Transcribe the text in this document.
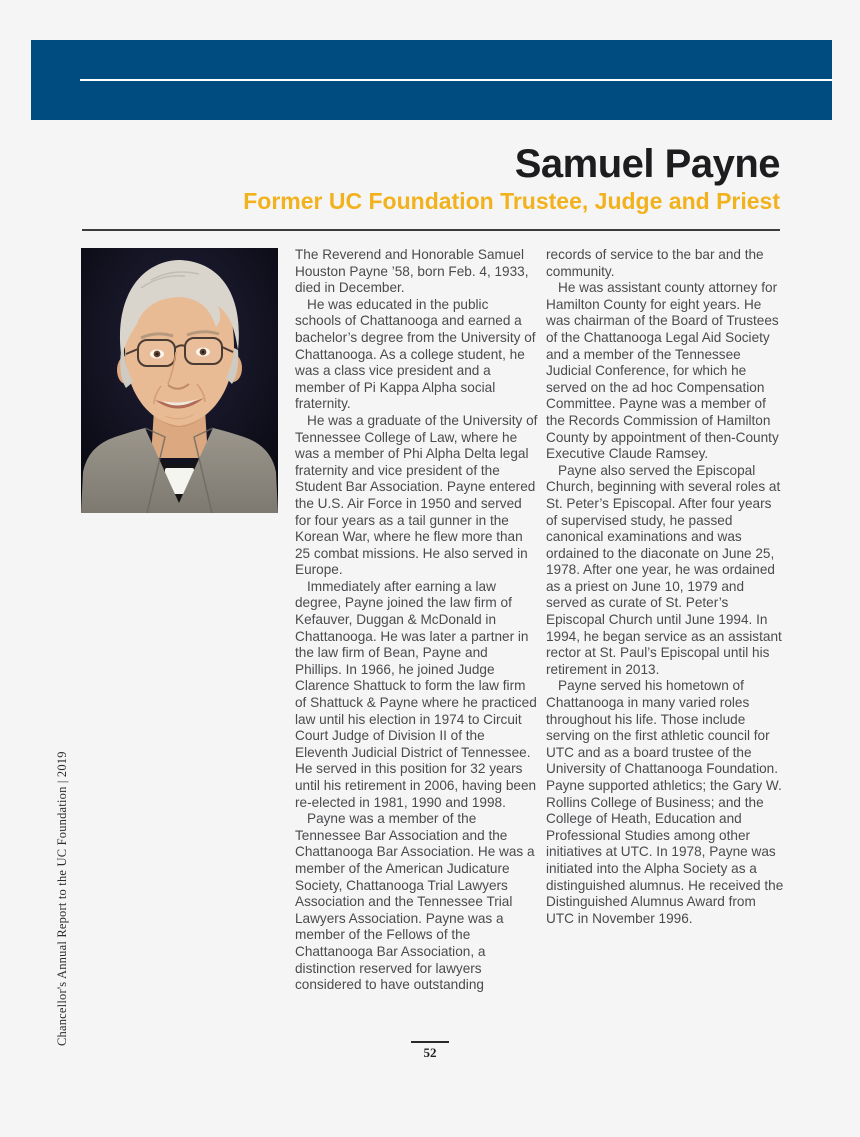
Samuel Payne
Former UC Foundation Trustee, Judge and Priest

The Reverend and Honorable Samuel Houston Payne ’58, born Feb. 4, 1933, died in December.

He was educated in the public schools of Chattanooga and earned a bachelor’s degree from the University of Chattanooga. As a college student, he was a class vice president and a member of Pi Kappa Alpha social fraternity.

He was a graduate of the University of Tennessee College of Law, where he was a member of Phi Alpha Delta legal fraternity and vice president of the Student Bar Association. Payne entered the U.S. Air Force in 1950 and served for four years as a tail gunner in the Korean War, where he flew more than 25 combat missions. He also served in Europe.

Immediately after earning a law degree, Payne joined the law firm of Kefauver, Duggan & McDonald in Chattanooga. He was later a partner in the law firm of Bean, Payne and Phillips. In 1966, he joined Judge Clarence Shattuck to form the law firm of Shattuck & Payne where he practiced law until his election in 1974 to Circuit Court Judge of Division II of the Eleventh Judicial District of Tennessee. He served in this position for 32 years until his retirement in 2006, having been re-elected in 1981, 1990 and 1998.

Payne was a member of the Tennessee Bar Association and the Chattanooga Bar Association. He was a member of the American Judicature Society, Chattanooga Trial Lawyers Association and the Tennessee Trial Lawyers Association. Payne was a member of the Fellows of the Chattanooga Bar Association, a distinction reserved for lawyers considered to have outstanding

records of service to the bar and the community.

He was assistant county attorney for Hamilton County for eight years. He was chairman of the Board of Trustees of the Chattanooga Legal Aid Society and a member of the Tennessee Judicial Conference, for which he served on the ad hoc Compensation Committee. Payne was a member of the Records Commission of Hamilton County by appointment of then-County Executive Claude Ramsey.

Payne also served the Episcopal Church, beginning with several roles at St. Peter’s Episcopal. After four years of supervised study, he passed canonical examinations and was ordained to the diaconate on June 25, 1978. After one year, he was ordained as a priest on June 10, 1979 and served as curate of St. Peter’s Episcopal Church until June 1994. In 1994, he began service as an assistant rector at St. Paul’s Episcopal until his retirement in 2013.

Payne served his hometown of Chattanooga in many varied roles throughout his life. Those include serving on the first athletic council for UTC and as a board trustee of the University of Chattanooga Foundation. Payne supported athletics; the Gary W. Rollins College of Business; and the College of Heath, Education and Professional Studies among other initiatives at UTC. In 1978, Payne was initiated into the Alpha Society as a distinguished alumnus. He received the Distinguished Alumnus Award from UTC in November 1996.

Chancellor's Annual Report to the UC Foundation | 2019
52
